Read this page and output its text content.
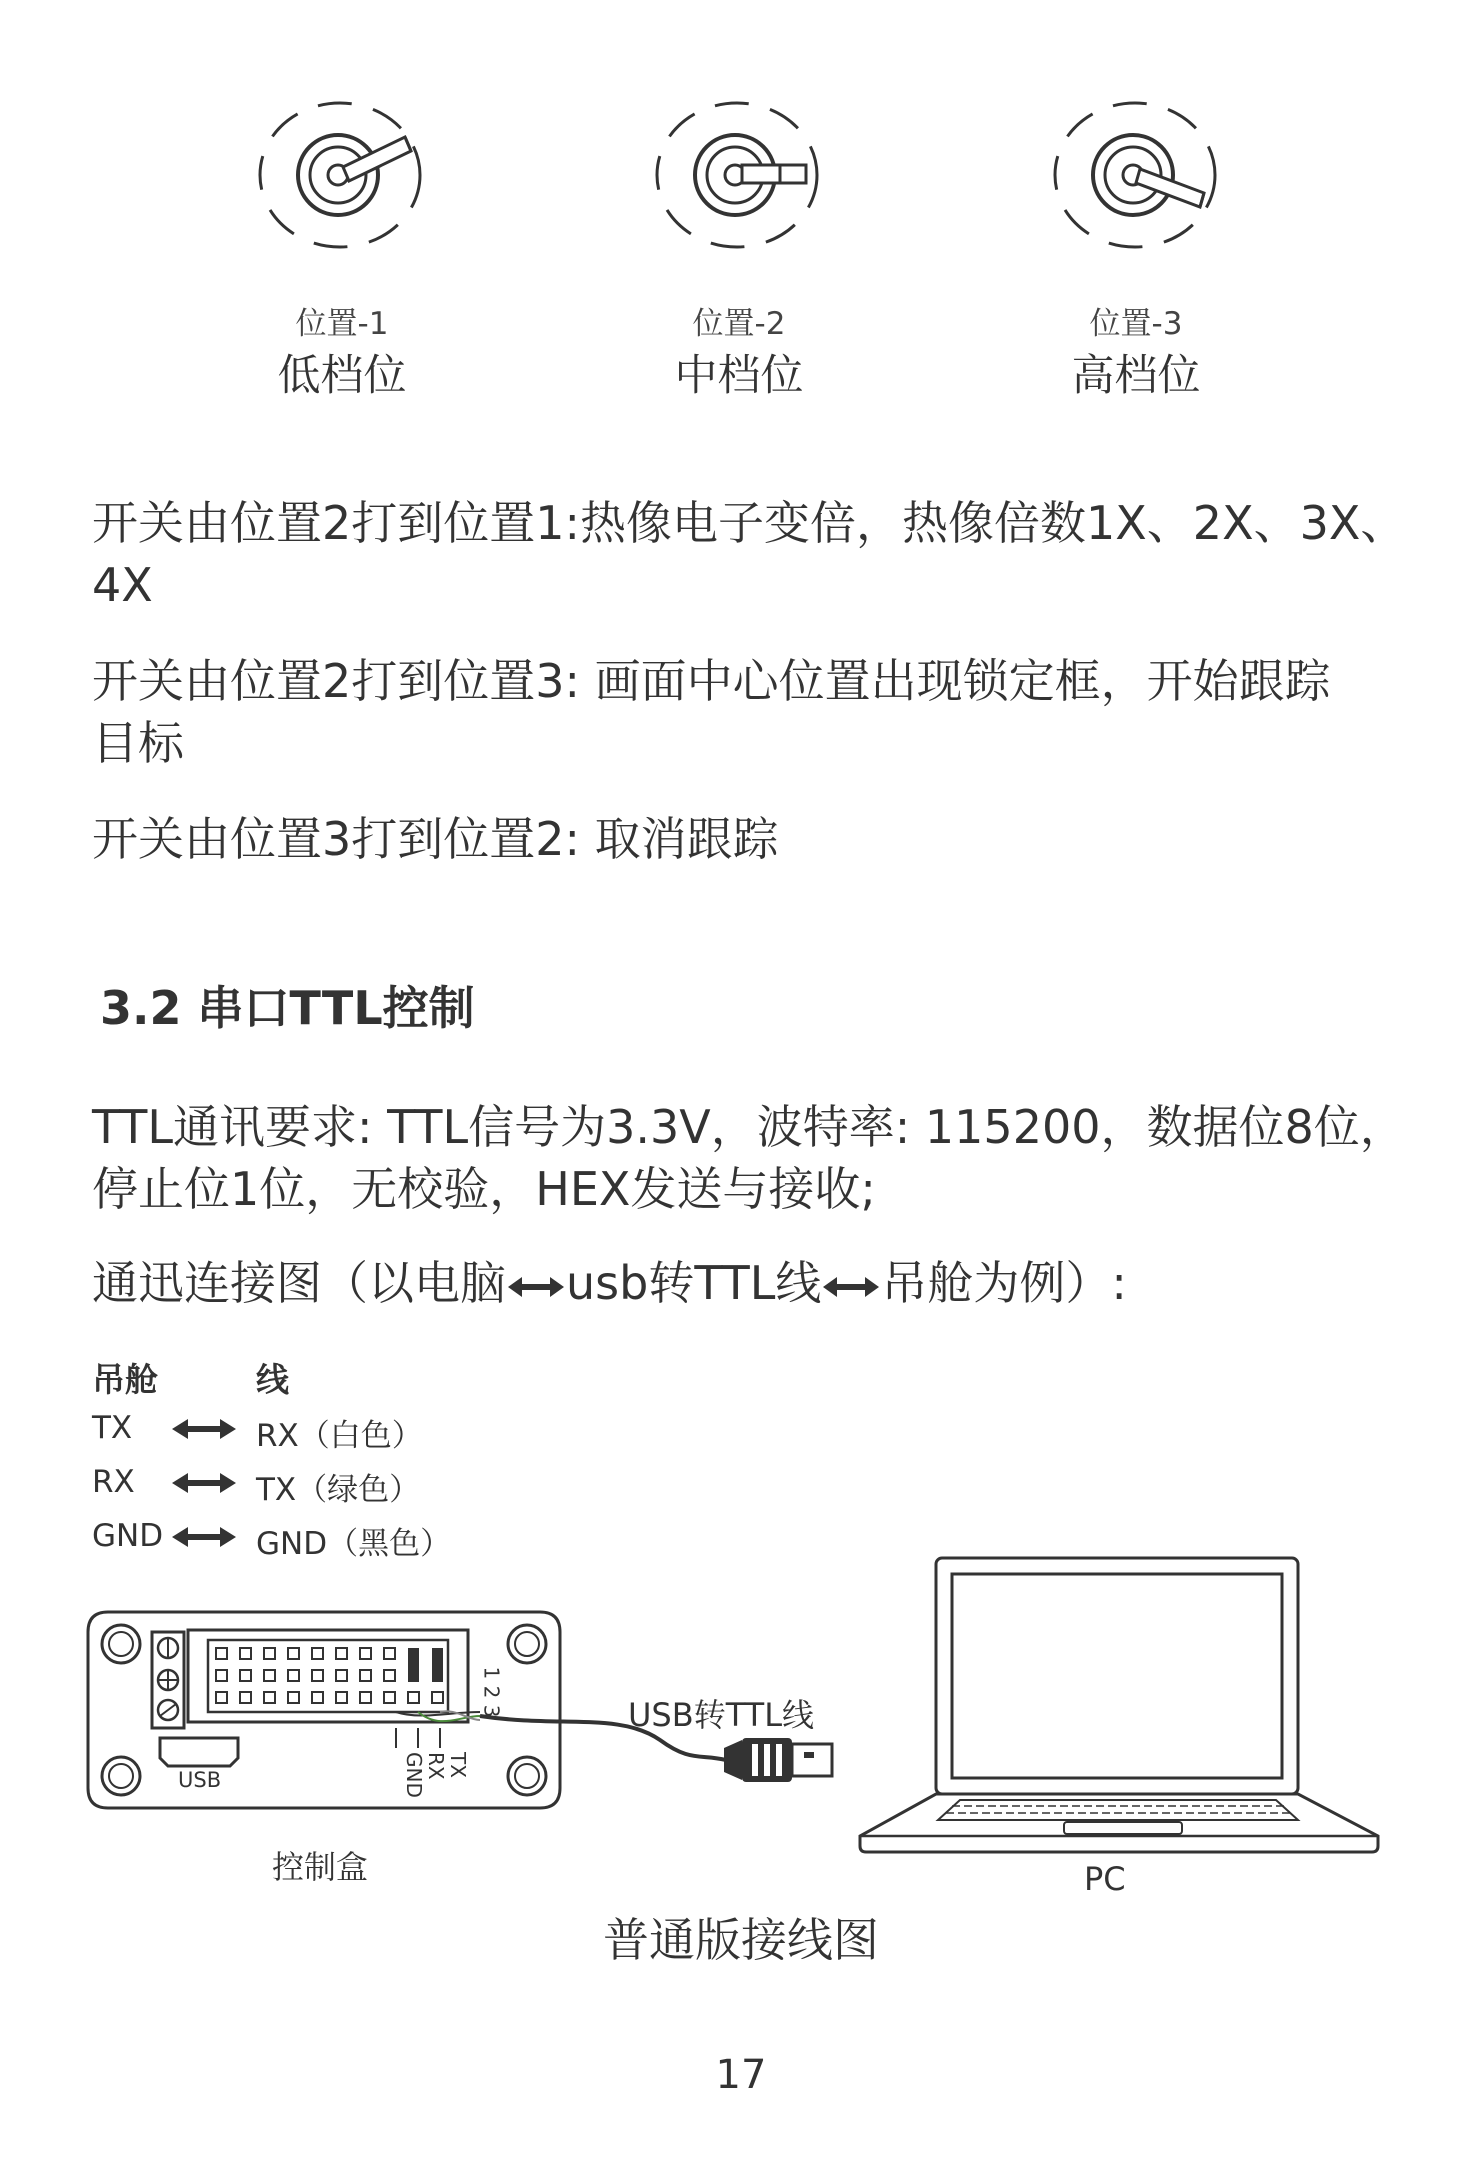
位置-1
低档位
位置-2
中档位
位置-3
高档位
开关由位置2打到位置1:热像电子变倍，热像倍数1X、2X、3X、
4X
开关由位置2打到位置3: 画面中心位置出现锁定框，开始跟踪
目标
开关由位置3打到位置2: 取消跟踪
3.2 串口TTL控制
TTL通讯要求: TTL信号为3.3V，波特率: 115200，数据位8位，
停止位1位，无校验，HEX发送与接收;
通迅连接图（以电脑 usb转TTL线 吊舱为例）:
吊舱	线
TX	RX（白色）
RX	TX（绿色）
GND	GND（黑色）
USB
1 2 3
TX
RX
GND
USB转TTL线
控制盒	PC
普通版接线图
17
